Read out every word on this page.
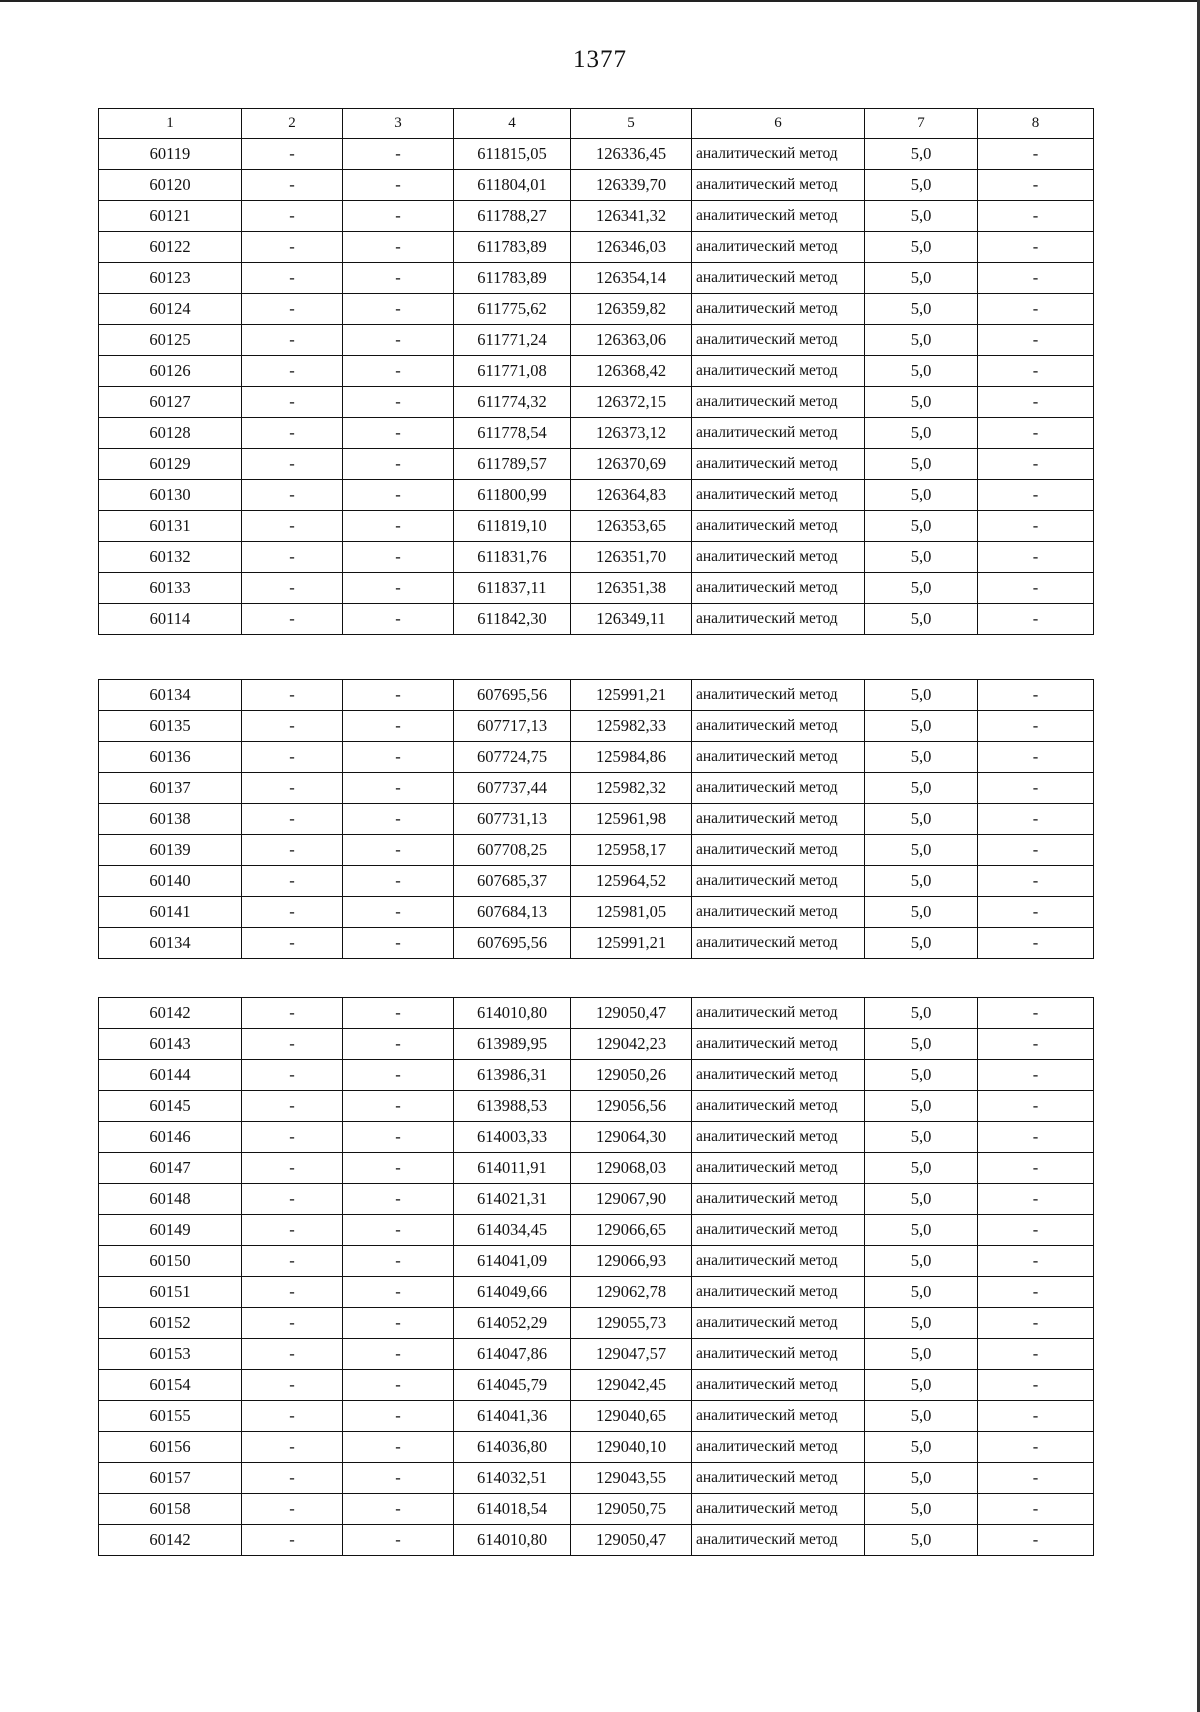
1377
1	2	3	4	5	6	7	8
60119	-	-	611815,05	126336,45	аналитический метод	5,0	-
60120	-	-	611804,01	126339,70	аналитический метод	5,0	-
60121	-	-	611788,27	126341,32	аналитический метод	5,0	-
60122	-	-	611783,89	126346,03	аналитический метод	5,0	-
60123	-	-	611783,89	126354,14	аналитический метод	5,0	-
60124	-	-	611775,62	126359,82	аналитический метод	5,0	-
60125	-	-	611771,24	126363,06	аналитический метод	5,0	-
60126	-	-	611771,08	126368,42	аналитический метод	5,0	-
60127	-	-	611774,32	126372,15	аналитический метод	5,0	-
60128	-	-	611778,54	126373,12	аналитический метод	5,0	-
60129	-	-	611789,57	126370,69	аналитический метод	5,0	-
60130	-	-	611800,99	126364,83	аналитический метод	5,0	-
60131	-	-	611819,10	126353,65	аналитический метод	5,0	-
60132	-	-	611831,76	126351,70	аналитический метод	5,0	-
60133	-	-	611837,11	126351,38	аналитический метод	5,0	-
60114	-	-	611842,30	126349,11	аналитический метод	5,0	-
60134	-	-	607695,56	125991,21	аналитический метод	5,0	-
60135	-	-	607717,13	125982,33	аналитический метод	5,0	-
60136	-	-	607724,75	125984,86	аналитический метод	5,0	-
60137	-	-	607737,44	125982,32	аналитический метод	5,0	-
60138	-	-	607731,13	125961,98	аналитический метод	5,0	-
60139	-	-	607708,25	125958,17	аналитический метод	5,0	-
60140	-	-	607685,37	125964,52	аналитический метод	5,0	-
60141	-	-	607684,13	125981,05	аналитический метод	5,0	-
60134	-	-	607695,56	125991,21	аналитический метод	5,0	-
60142	-	-	614010,80	129050,47	аналитический метод	5,0	-
60143	-	-	613989,95	129042,23	аналитический метод	5,0	-
60144	-	-	613986,31	129050,26	аналитический метод	5,0	-
60145	-	-	613988,53	129056,56	аналитический метод	5,0	-
60146	-	-	614003,33	129064,30	аналитический метод	5,0	-
60147	-	-	614011,91	129068,03	аналитический метод	5,0	-
60148	-	-	614021,31	129067,90	аналитический метод	5,0	-
60149	-	-	614034,45	129066,65	аналитический метод	5,0	-
60150	-	-	614041,09	129066,93	аналитический метод	5,0	-
60151	-	-	614049,66	129062,78	аналитический метод	5,0	-
60152	-	-	614052,29	129055,73	аналитический метод	5,0	-
60153	-	-	614047,86	129047,57	аналитический метод	5,0	-
60154	-	-	614045,79	129042,45	аналитический метод	5,0	-
60155	-	-	614041,36	129040,65	аналитический метод	5,0	-
60156	-	-	614036,80	129040,10	аналитический метод	5,0	-
60157	-	-	614032,51	129043,55	аналитический метод	5,0	-
60158	-	-	614018,54	129050,75	аналитический метод	5,0	-
60142	-	-	614010,80	129050,47	аналитический метод	5,0	-
